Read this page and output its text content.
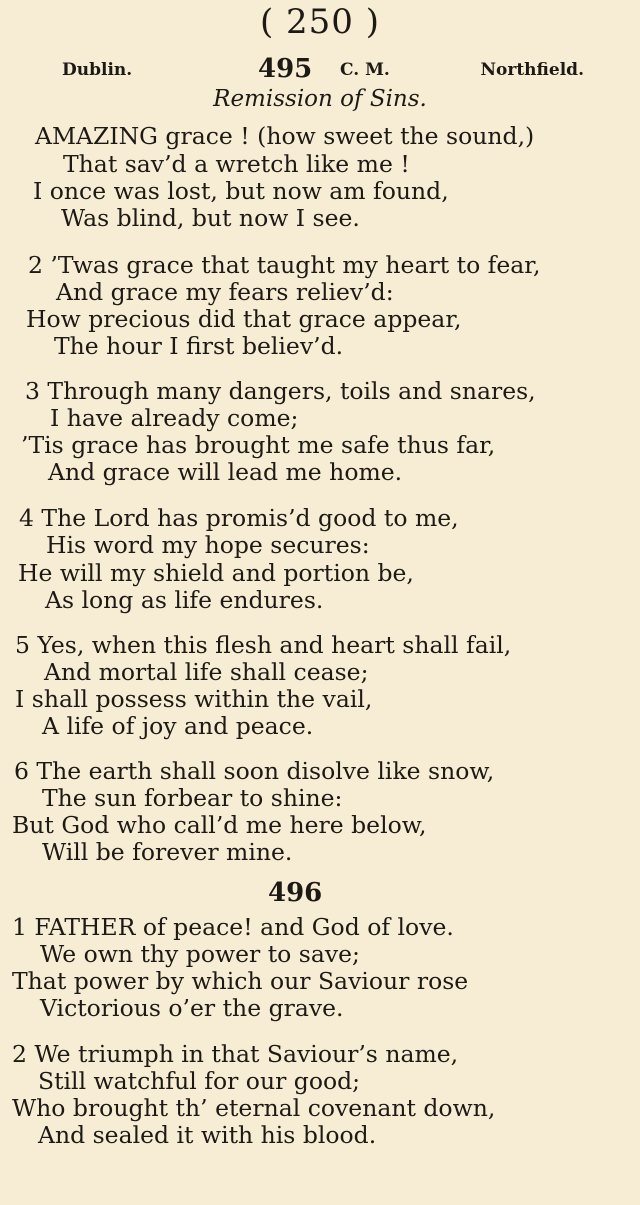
( 250 )
Dublin.	495 C. M.	Northfield.
Remission of Sins.
AMAZING grace ! (how sweet the sound,)
That sav’d a wretch like me !
I once was lost, but now am found,
Was blind, but now I see.
2 ’Twas grace that taught my heart to fear,
And grace my fears reliev’d:
How precious did that grace appear,
The hour I first believ’d.
3 Through many dangers, toils and snares,
I have already come;
’Tis grace has brought me safe thus far,
And grace will lead me home.
4 The Lord has promis’d good to me,
His word my hope secures:
He will my shield and portion be,
As long as life endures.
5 Yes, when this flesh and heart shall fail,
And mortal life shall cease;
I shall possess within the vail,
A life of joy and peace.
6 The earth shall soon disolve like snow,
The sun forbear to shine:
But God who call’d me here below,
Will be forever mine.
496
1 FATHER of peace! and God of love.
We own thy power to save;
That power by which our Saviour rose
Victorious o’er the grave.
2 We triumph in that Saviour’s name,
Still watchful for our good;
Who brought th’ eternal covenant down,
And sealed it with his blood.
